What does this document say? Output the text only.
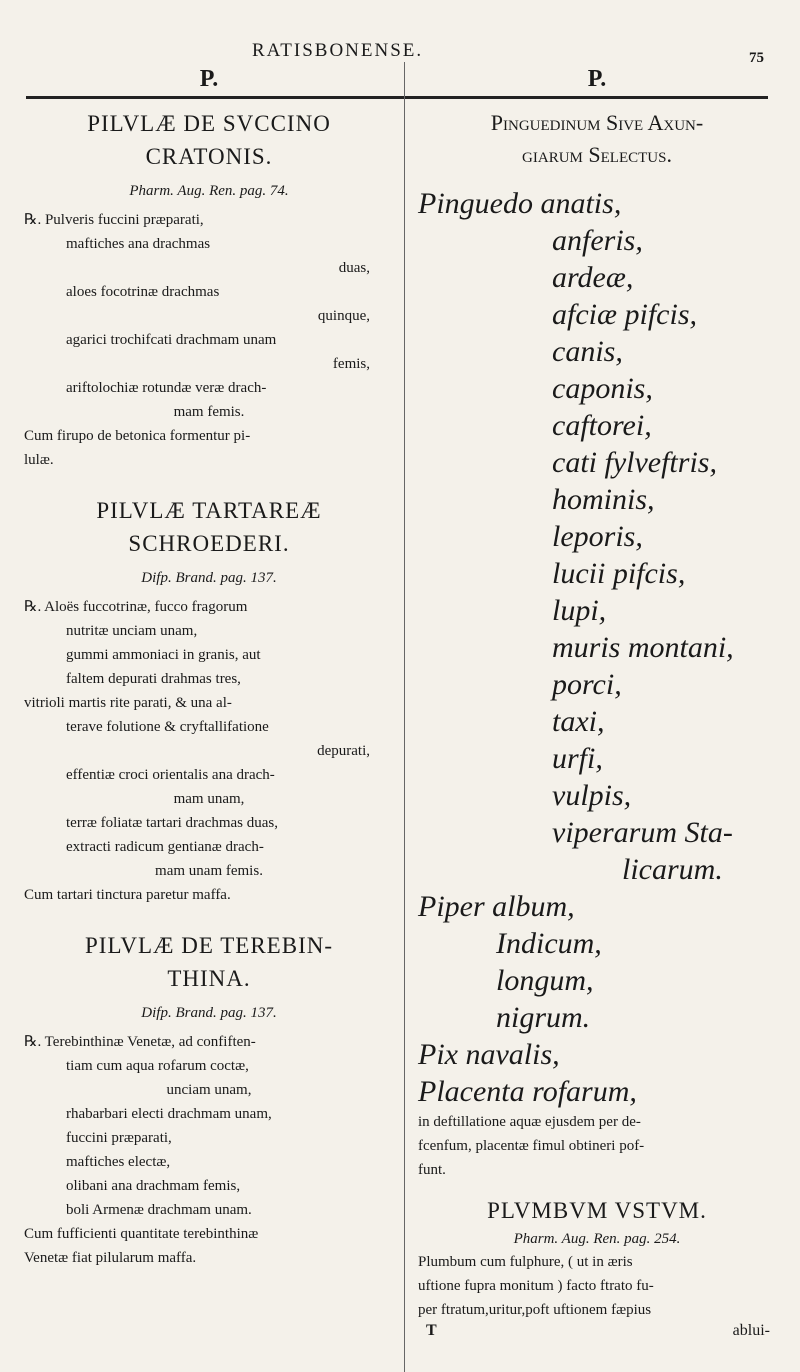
RATISBONENSE.	75
P.

PILVLÆ DE SVCCINO

CRATONIS.

Pharm. Aug. Ren. pag. 74.

℞. Pulveris fuccini præparati,

maftiches ana drachmas

duas,

aloes focotrinæ drachmas

quinque,

agarici trochifcati drachmam unam

femis,

ariftolochiæ rotundæ veræ drach-

mam femis.

Cum firupo de betonica formentur pi-

lulæ.

PILVLÆ TARTAREÆ

SCHROEDERI.

Difp. Brand. pag. 137.

℞. Aloës fuccotrinæ, fucco fragorum

nutritæ unciam unam,

gummi ammoniaci in granis, aut

faltem depurati drahmas tres,

vitrioli martis rite parati, & una al-

terave folutione & cryftallifatione

depurati,

effentiæ croci orientalis ana drach-

mam unam,

terræ foliatæ tartari drachmas duas,

extracti radicum gentianæ drach-

mam unam femis.

Cum tartari tinctura paretur maffa.

PILVLÆ DE TEREBIN-

THINA.

Difp. Brand. pag. 137.

℞. Terebinthinæ Venetæ, ad confiften-

tiam cum aqua rofarum coctæ,

unciam unam,

rhabarbari electi drachmam unam,

fuccini præparati,

maftiches electæ,

olibani ana drachmam femis,

boli Armenæ drachmam unam.

Cum fufficienti quantitate terebinthinæ

Venetæ fiat pilularum maffa.

P.

Pinguedinum Sive Axun-

giarum Selectus.

Pinguedo anatis,

anferis,

ardeæ,

afciæ pifcis,

canis,

caponis,

caftorei,

cati fylveftris,

hominis,

leporis,

lucii pifcis,

lupi,

muris montani,

porci,

taxi,

urfi,

vulpis,

viperarum Sta-

licarum.

Piper album,

Indicum,

longum,

nigrum.

Pix navalis,

Placenta rofarum,

in deftillatione aquæ ejusdem per de-

fcenfum, placentæ fimul obtineri pof-

funt.

PLVMBVM VSTVM.

Pharm. Aug. Ren. pag. 254.

Plumbum cum fulphure, ( ut in æris

uftione fupra monitum ) facto ftrato fu-

per ftratum,uritur,poft uftionem fæpius

T	ablui-
